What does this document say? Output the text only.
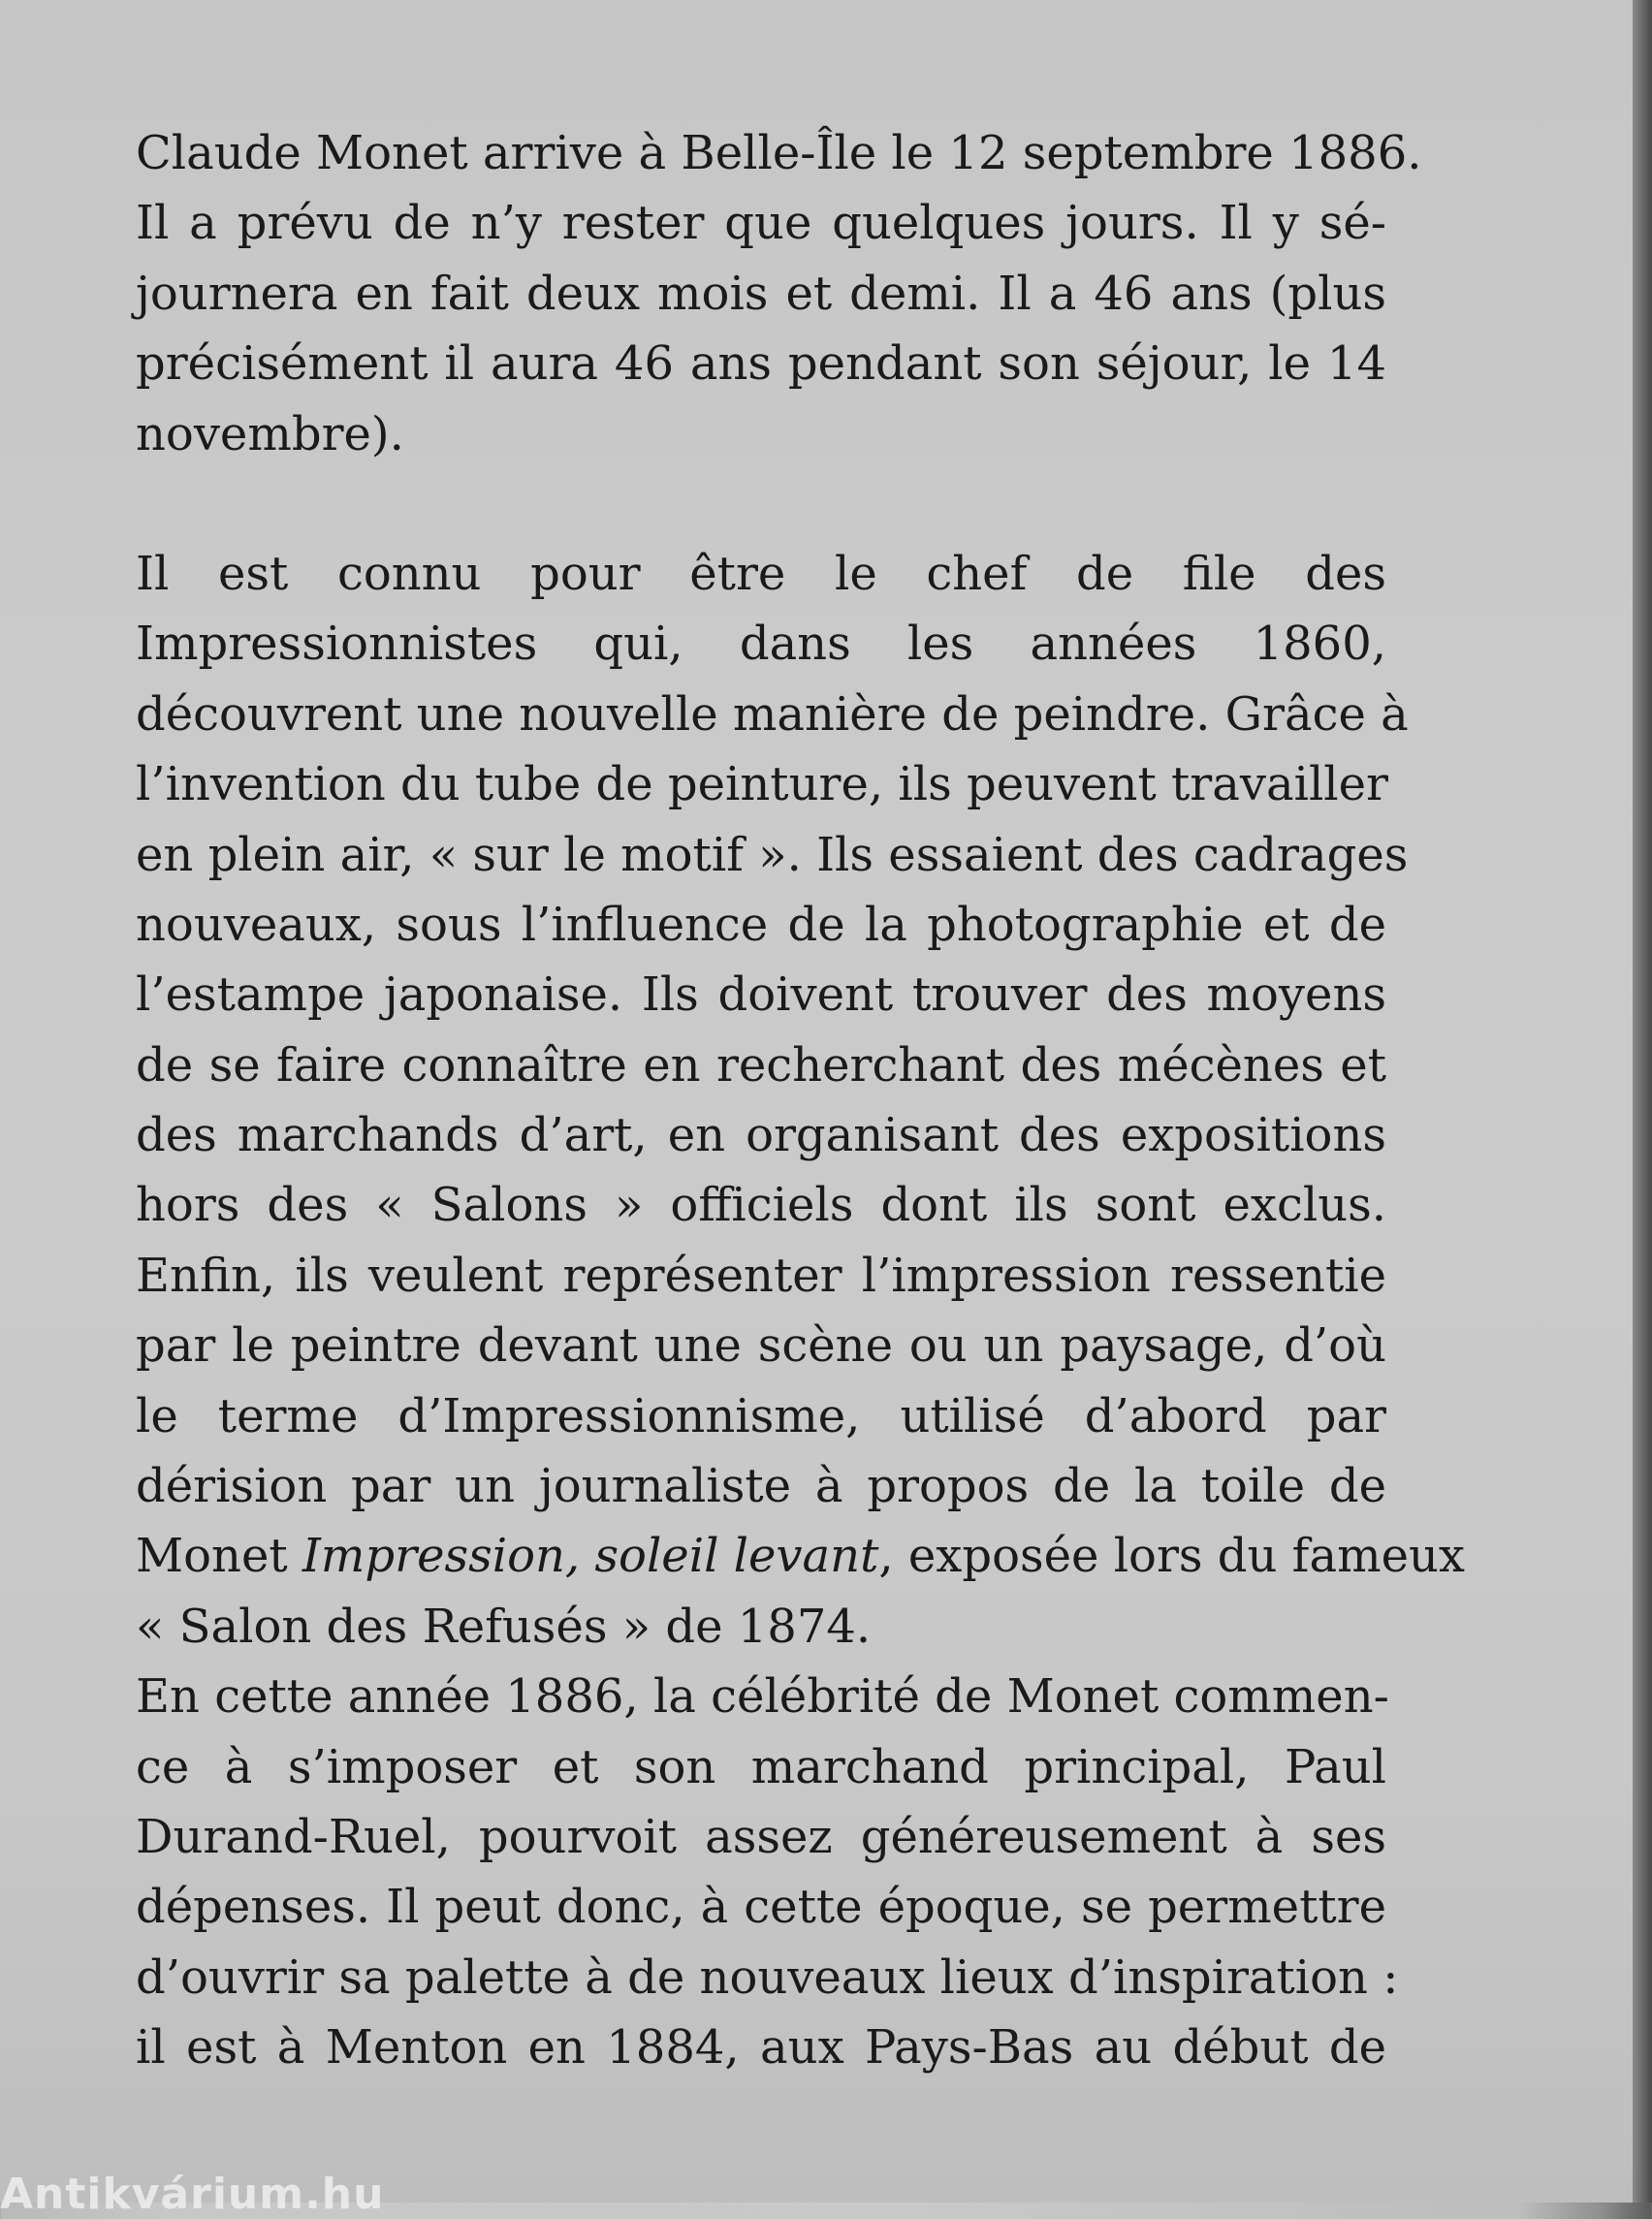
Claude Monet arrive à Belle-Île le 12 septembre 1886.
Il a prévu de n’y rester que quelques jours. Il y sé-
journera en fait deux mois et demi. Il a 46 ans (plus
précisément il aura 46 ans pendant son séjour, le 14
novembre).
Il est connu pour être le chef de file des
Impressionnistes qui, dans les années 1860,
découvrent une nouvelle manière de peindre. Grâce à
l’invention du tube de peinture, ils peuvent travailler
en plein air, « sur le motif ». Ils essaient des cadrages
nouveaux, sous l’influence de la photographie et de
l’estampe japonaise. Ils doivent trouver des moyens
de se faire connaître en recherchant des mécènes et
des marchands d’art, en organisant des expositions
hors des « Salons » officiels dont ils sont exclus.
Enfin, ils veulent représenter l’impression ressentie
par le peintre devant une scène ou un paysage, d’où
le terme d’Impressionnisme, utilisé d’abord par
dérision par un journaliste à propos de la toile de
Monet Impression, soleil levant, exposée lors du fameux
« Salon des Refusés » de 1874.
En cette année 1886, la célébrité de Monet commen-
ce à s’imposer et son marchand principal, Paul
Durand-Ruel, pourvoit assez généreusement à ses
dépenses. Il peut donc, à cette époque, se permettre
d’ouvrir sa palette à de nouveaux lieux d’inspiration :
il est à Menton en 1884, aux Pays-Bas au début de
Antikvárium.hu
